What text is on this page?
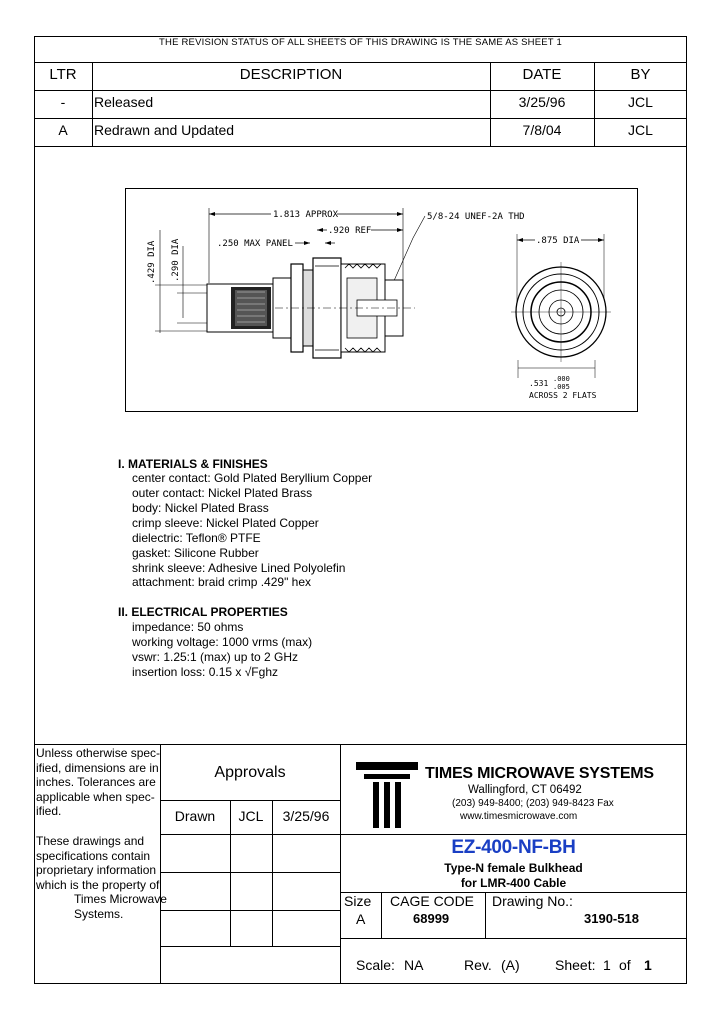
THE REVISION STATUS OF ALL SHEETS OF THIS DRAWING IS THE SAME AS SHEET 1
LTR	DESCRIPTION	DATE	BY
-	Released	3/25/96	JCL
A	Redrawn and Updated	7/8/04	JCL
1.813 APPROX	5/8-24 UNEF-2A THD
.920 REF
.250 MAX PANEL
.429 DIA .290 DIA	.875 DIA
.531 .000
.005
ACROSS 2 FLATS
I. MATERIALS & FINISHES
center contact: Gold Plated Beryllium Copper
outer contact: Nickel Plated Brass
body: Nickel Plated Brass
crimp sleeve: Nickel Plated Copper
dielectric: Teflon® PTFE
gasket: Silicone Rubber
shrink sleeve: Adhesive Lined Polyolefin
attachment: braid crimp .429" hex
II. ELECTRICAL PROPERTIES
impedance: 50 ohms
working voltage: 1000 vrms (max)
vswr: 1.25:1 (max) up to 2 GHz
insertion loss: 0.15 x √Fghz
Unless otherwise spec-
ified, dimensions are in
inches. Tolerances are
applicable when spec-
ified.
These drawings and
specifications contain
proprietary information
which is the property of
Times Microwave
Systems.
Approvals
Drawn	JCL	3/25/96
TIMES MICROWAVE SYSTEMS
Wallingford, CT 06492
(203) 949-8400; (203) 949-8423 Fax
www.timesmicrowave.com
EZ-400-NF-BH
Type-N female Bulkhead
for LMR-400 Cable
Size
A
CAGE CODE
68999
Drawing No.:
3190-518
Scale: NA	Rev. (A)	Sheet: 1 of 1
